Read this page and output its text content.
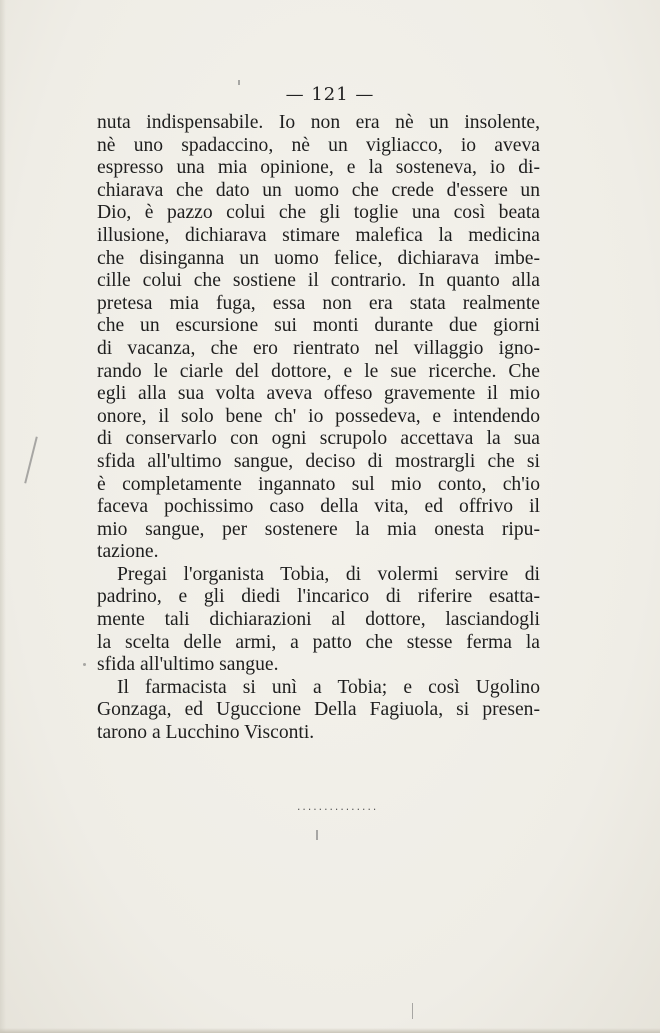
— 121 —
nuta indispensabile. Io non era nè un insolente,
nè uno spadaccino, nè un vigliacco, io aveva
espresso una mia opinione, e la sosteneva, io di-
chiarava che dato un uomo che crede d'essere un
Dio, è pazzo colui che gli toglie una così beata
illusione, dichiarava stimare malefica la medicina
che disinganna un uomo felice, dichiarava imbe-
cille colui che sostiene il contrario. In quanto alla
pretesa mia fuga, essa non era stata realmente
che un escursione sui monti durante due giorni
di vacanza, che ero rientrato nel villaggio igno-
rando le ciarle del dottore, e le sue ricerche. Che
egli alla sua volta aveva offeso gravemente il mio
onore, il solo bene ch' io possedeva, e intendendo
di conservarlo con ogni scrupolo accettava la sua
sfida all'ultimo sangue, deciso di mostrargli che si
è completamente ingannato sul mio conto, ch'io
faceva pochissimo caso della vita, ed offrivo il
mio sangue, per sostenere la mia onesta ripu-
tazione.
Pregai l'organista Tobia, di volermi servire di
padrino, e gli diedi l'incarico di riferire esatta-
mente tali dichiarazioni al dottore, lasciandogli
la scelta delle armi, a patto che stesse ferma la
sfida all'ultimo sangue.
Il farmacista si unì a Tobia; e così Ugolino
Gonzaga, ed Uguccione Della Fagiuola, si presen-
tarono a Lucchino Visconti.
...............
